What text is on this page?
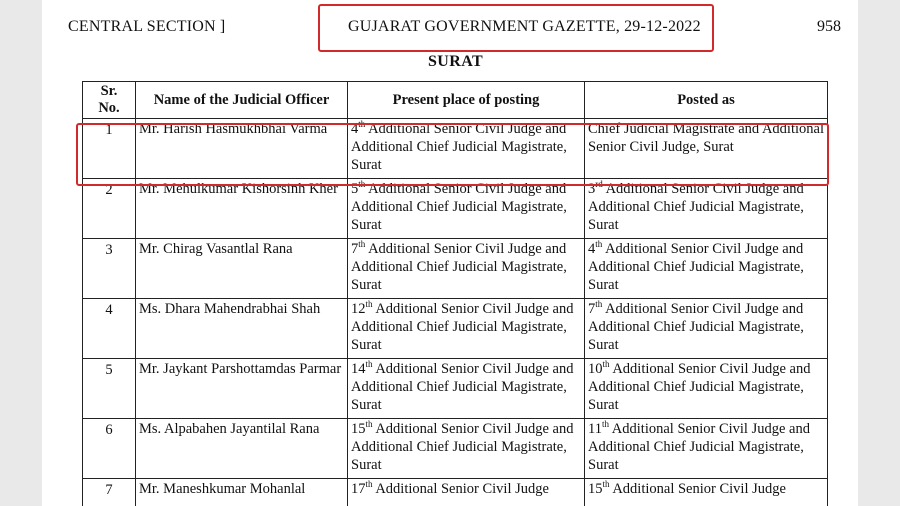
CENTRAL SECTION ]	GUJARAT GOVERNMENT GAZETTE, 29-12-2022	958
SURAT
Sr.
No.	Name of the Judicial Officer	Present place of posting	Posted as
1	Mr. Harish Hasmukhbhai Varma	4th Additional Senior Civil Judge and Additional Chief Judicial Magistrate, Surat	Chief Judicial Magistrate and Additional Senior Civil Judge, Surat
2	Mr. Mehulkumar Kishorsinh Kher	5th Additional Senior Civil Judge and Additional Chief Judicial Magistrate, Surat	3rd Additional Senior Civil Judge and Additional Chief Judicial Magistrate, Surat
3	Mr. Chirag Vasantlal Rana	7th Additional Senior Civil Judge and Additional Chief Judicial Magistrate, Surat	4th Additional Senior Civil Judge and Additional Chief Judicial Magistrate, Surat
4	Ms. Dhara Mahendrabhai Shah	12th Additional Senior Civil Judge and Additional Chief Judicial Magistrate, Surat	7th Additional Senior Civil Judge and Additional Chief Judicial Magistrate, Surat
5	Mr. Jaykant Parshottamdas Parmar	14th Additional Senior Civil Judge and Additional Chief Judicial Magistrate, Surat	10th Additional Senior Civil Judge and Additional Chief Judicial Magistrate, Surat
6	Ms. Alpabahen Jayantilal Rana	15th Additional Senior Civil Judge and Additional Chief Judicial Magistrate, Surat	11th Additional Senior Civil Judge and Additional Chief Judicial Magistrate, Surat
7	Mr. Maneshkumar Mohanlal	17th Additional Senior Civil Judge	15th Additional Senior Civil Judge
